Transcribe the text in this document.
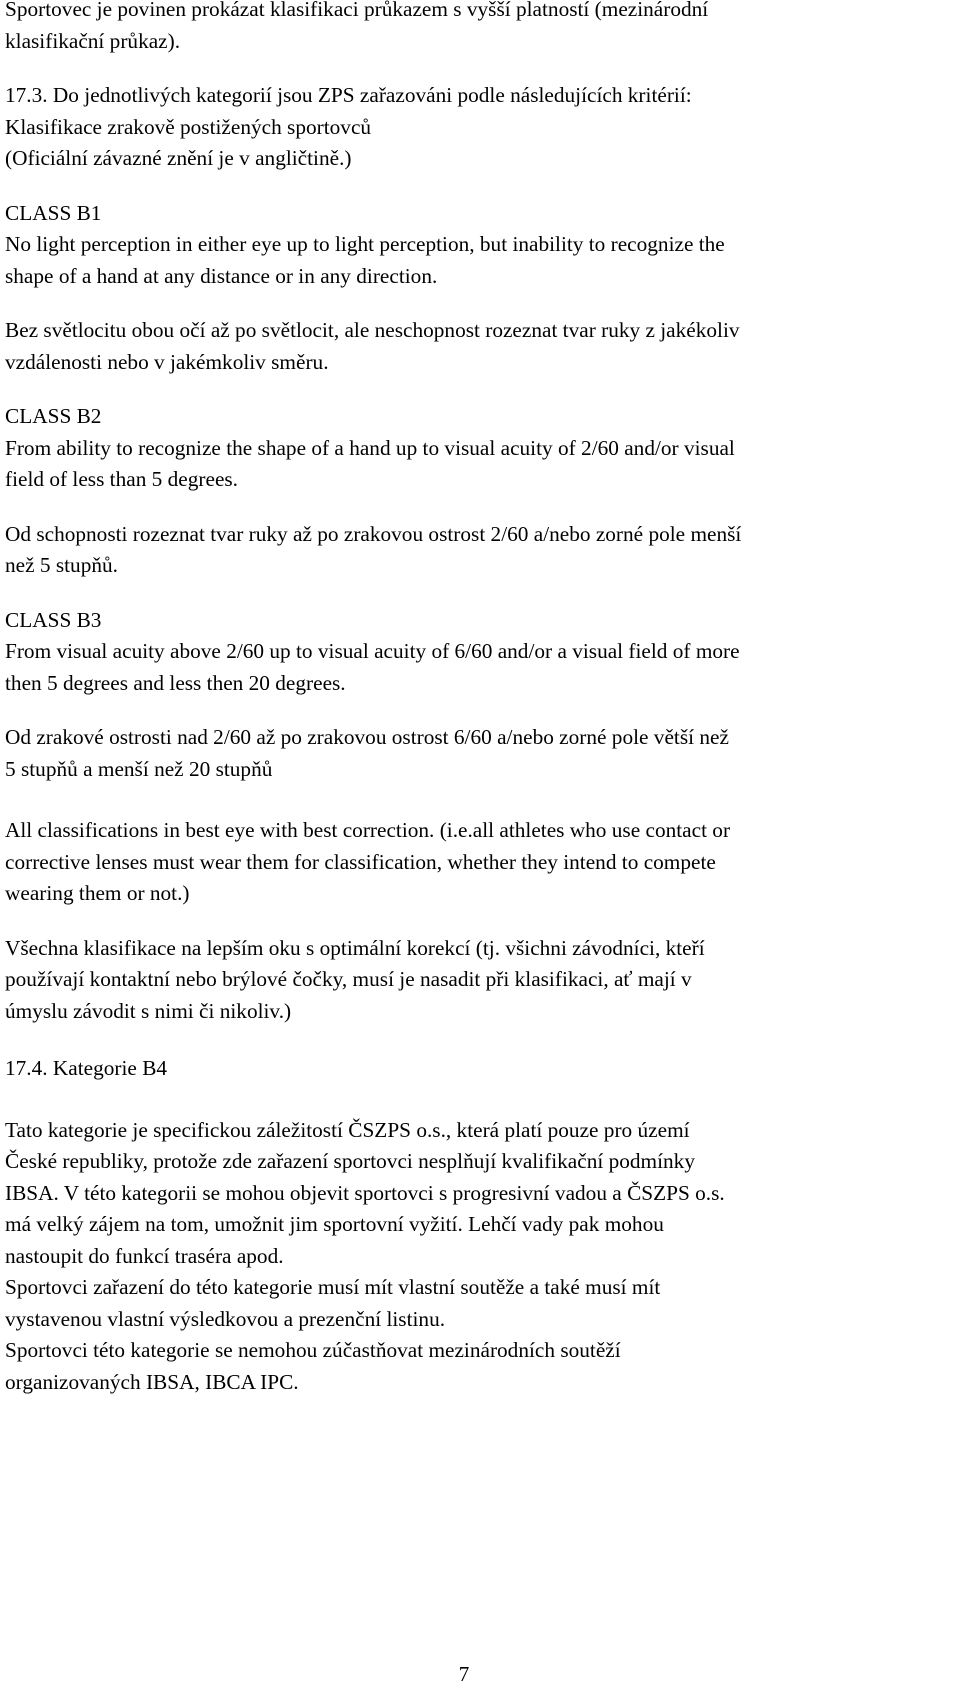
Sportovec je povinen prokázat klasifikaci průkazem s vyšší platností (mezinárodní
klasifikační průkaz).
17.3. Do jednotlivých kategorií jsou ZPS zařazováni podle následujících kritérií:
Klasifikace zrakově postižených sportovců
(Oficiální závazné znění je v angličtině.)
CLASS B1
No light perception in either eye up to light perception, but inability to recognize the
shape of a hand at any distance or in any direction.
Bez světlocitu obou očí až po světlocit, ale neschopnost rozeznat tvar ruky z jakékoliv
vzdálenosti nebo v jakémkoliv směru.
CLASS B2
From ability to recognize the shape of a hand up to visual acuity of 2/60 and/or visual
field of less than 5 degrees.
Od schopnosti rozeznat tvar ruky až po zrakovou ostrost 2/60 a/nebo zorné pole menší
než 5 stupňů.
CLASS B3
From visual acuity above 2/60 up to visual acuity of 6/60 and/or a visual field of more
then 5 degrees and less then 20 degrees.
Od zrakové ostrosti nad 2/60 až po zrakovou ostrost 6/60 a/nebo zorné pole větší než
5 stupňů a menší než 20 stupňů
All classifications in best eye with best correction. (i.e.all athletes who use contact or
corrective lenses must wear them for classification, whether they intend to compete
wearing them or not.)
Všechna klasifikace na lepším oku s optimální korekcí (tj. všichni závodníci, kteří
používají kontaktní nebo brýlové čočky, musí je nasadit při klasifikaci, ať mají v
úmyslu závodit s nimi či nikoliv.)
17.4. Kategorie B4
Tato kategorie je specifickou záležitostí ČSZPS o.s., která platí pouze pro území
České republiky, protože zde zařazení sportovci nesplňují kvalifikační podmínky
IBSA. V této kategorii se mohou objevit sportovci s progresivní vadou a ČSZPS o.s.
má velký zájem na tom, umožnit jim sportovní vyžití. Lehčí vady pak mohou
nastoupit do funkcí traséra apod.
Sportovci zařazení do této kategorie musí mít vlastní soutěže a také musí mít
vystavenou vlastní výsledkovou a prezenční listinu.
Sportovci této kategorie se nemohou zúčastňovat mezinárodních soutěží
organizovaných IBSA, IBCA IPC.
7
